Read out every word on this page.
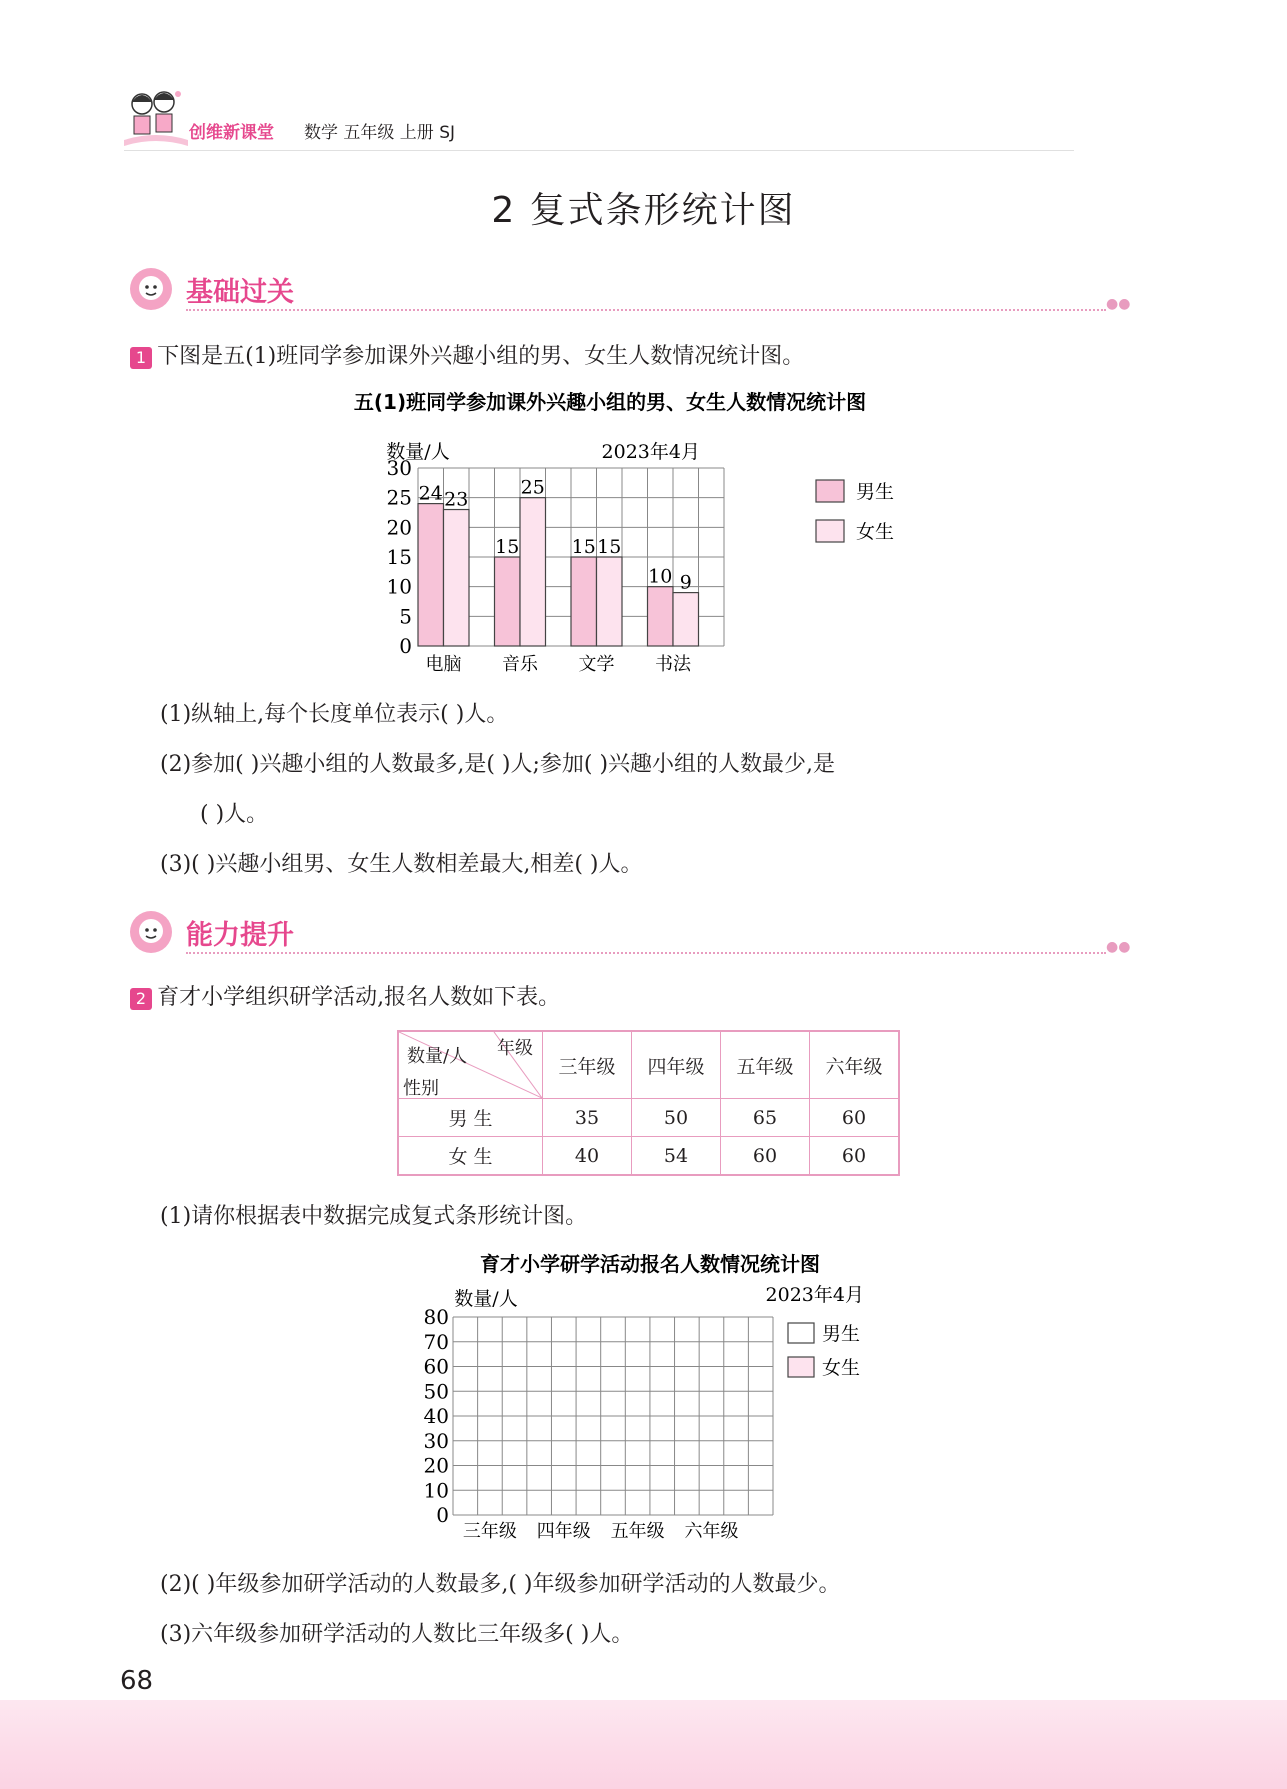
创维新课堂 数学 五年级 上册 SJ
2 复式条形统计图
基础过关	●●
1 下图是五(1)班同学参加课外兴趣小组的男、女生人数情况统计图。
五(1)班同学参加课外兴趣小组的男、女生人数情况统计图
数量/人	2023年4月
0
5
10
15
20
25
30
24 23
电脑
15
25
音乐
15 15
文学
10 9
书法
男生
女生
(1)纵轴上,每个长度单位表示( )人。
(2)参加( )兴趣小组的人数最多,是( )人;参加( )兴趣小组的人数最少,是
( )人。
(3)( )兴趣小组男、女生人数相差最大,相差( )人。
能力提升	●●
2 育才小学组织研学活动,报名人数如下表。
年级
数量/人
性别	三年级	四年级	五年级	六年级
男 生	35	50	65	60
女 生	40	54	60	60
(1)请你根据表中数据完成复式条形统计图。
育才小学研学活动报名人数情况统计图
数量/人	2023年4月
0
10
20
30
40
50
60
70
80
三年级 四年级 五年级 六年级
男生
女生
(2)( )年级参加研学活动的人数最多,( )年级参加研学活动的人数最少。
(3)六年级参加研学活动的人数比三年级多( )人。
68
